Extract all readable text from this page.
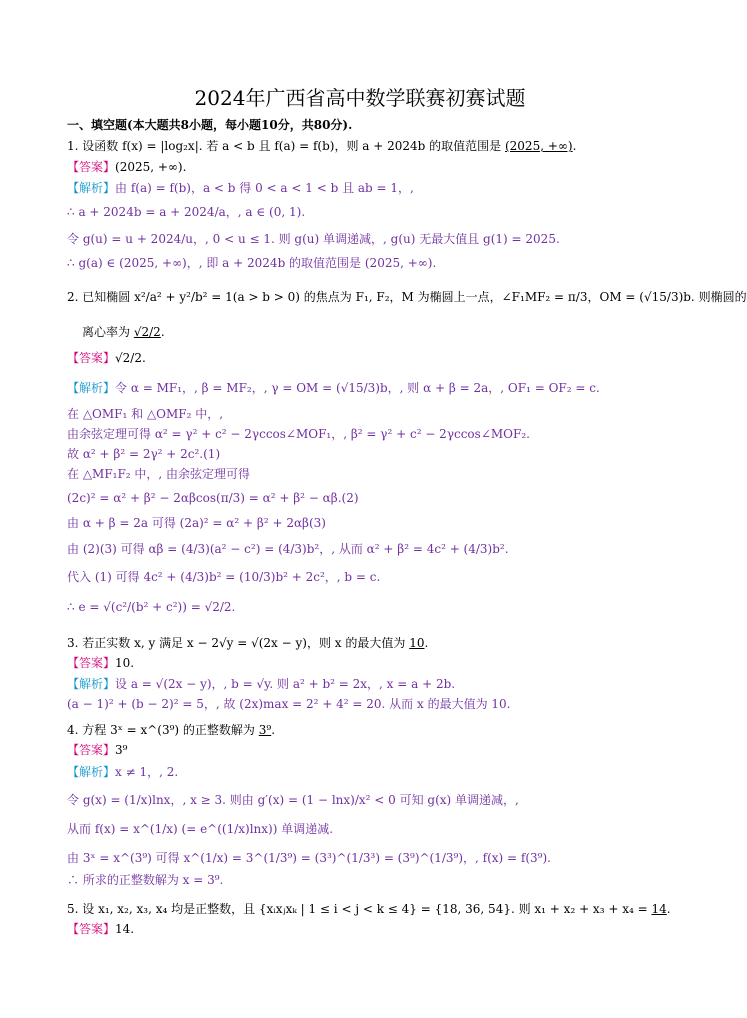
2024年广西省高中数学联赛初赛试题
一、填空题(本大题共8小题，每小题10分，共80分).
1. 设函数 f(x) = |log₂x|. 若 a < b 且 f(a) = f(b)，则 a + 2024b 的取值范围是 (2025, +∞).
【答案】(2025, +∞).
【解析】由 f(a) = f(b)，a < b 得 0 < a < 1 < b 且 ab = 1，,
∴ a + 2024b = a + 2024/a，, a ∈ (0, 1).
令 g(u) = u + 2024/u，, 0 < u ≤ 1. 则 g(u) 单调递减，, g(u) 无最大值且 g(1) = 2025.
∴ g(a) ∈ (2025, +∞)，, 即 a + 2024b 的取值范围是 (2025, +∞).
2. 已知椭圆 x²/a² + y²/b² = 1(a > b > 0) 的焦点为 F₁, F₂，M 为椭圆上一点，∠F₁MF₂ = π/3，OM = (√15/3)b. 则椭圆的
离心率为 √2/2.
【答案】√2/2.
【解析】令 α = MF₁，, β = MF₂，, γ = OM = (√15/3)b，, 则 α + β = 2a，, OF₁ = OF₂ = c.
在 △OMF₁ 和 △OMF₂ 中，,
由余弦定理可得 α² = γ² + c² − 2γccos∠MOF₁，, β² = γ² + c² − 2γccos∠MOF₂.
故 α² + β² = 2γ² + 2c².(1)
在 △MF₁F₂ 中，, 由余弦定理可得
(2c)² = α² + β² − 2αβcos(π/3) = α² + β² − αβ.(2)
由 α + β = 2a 可得 (2a)² = α² + β² + 2αβ(3)
由 (2)(3) 可得 αβ = (4/3)(a² − c²) = (4/3)b²，, 从而 α² + β² = 4c² + (4/3)b².
代入 (1) 可得 4c² + (4/3)b² = (10/3)b² + 2c²，, b = c.
∴ e = √(c²/(b² + c²)) = √2/2.
3. 若正实数 x, y 满足 x − 2√y = √(2x − y)，则 x 的最大值为 10.
【答案】10.
【解析】设 a = √(2x − y)，, b = √y. 则 a² + b² = 2x，, x = a + 2b.
(a − 1)² + (b − 2)² = 5，, 故 (2x)max = 2² + 4² = 20. 从而 x 的最大值为 10.
4. 方程 3ˣ = x^(3⁹) 的正整数解为 3⁹.
【答案】3⁹
【解析】x ≠ 1，, 2.
令 g(x) = (1/x)lnx，, x ≥ 3. 则由 g′(x) = (1 − lnx)/x² < 0 可知 g(x) 单调递减，,
从而 f(x) = x^(1/x) (= e^((1/x)lnx)) 单调递减.
由 3ˣ = x^(3⁹) 可得 x^(1/x) = 3^(1/3⁹) = (3³)^(1/3³) = (3⁹)^(1/3⁹)，, f(x) = f(3⁹).
∴ 所求的正整数解为 x = 3⁹.
5. 设 x₁, x₂, x₃, x₄ 均是正整数，且 {xᵢxⱼxₖ | 1 ≤ i < j < k ≤ 4} = {18, 36, 54}. 则 x₁ + x₂ + x₃ + x₄ = 14.
【答案】14.
